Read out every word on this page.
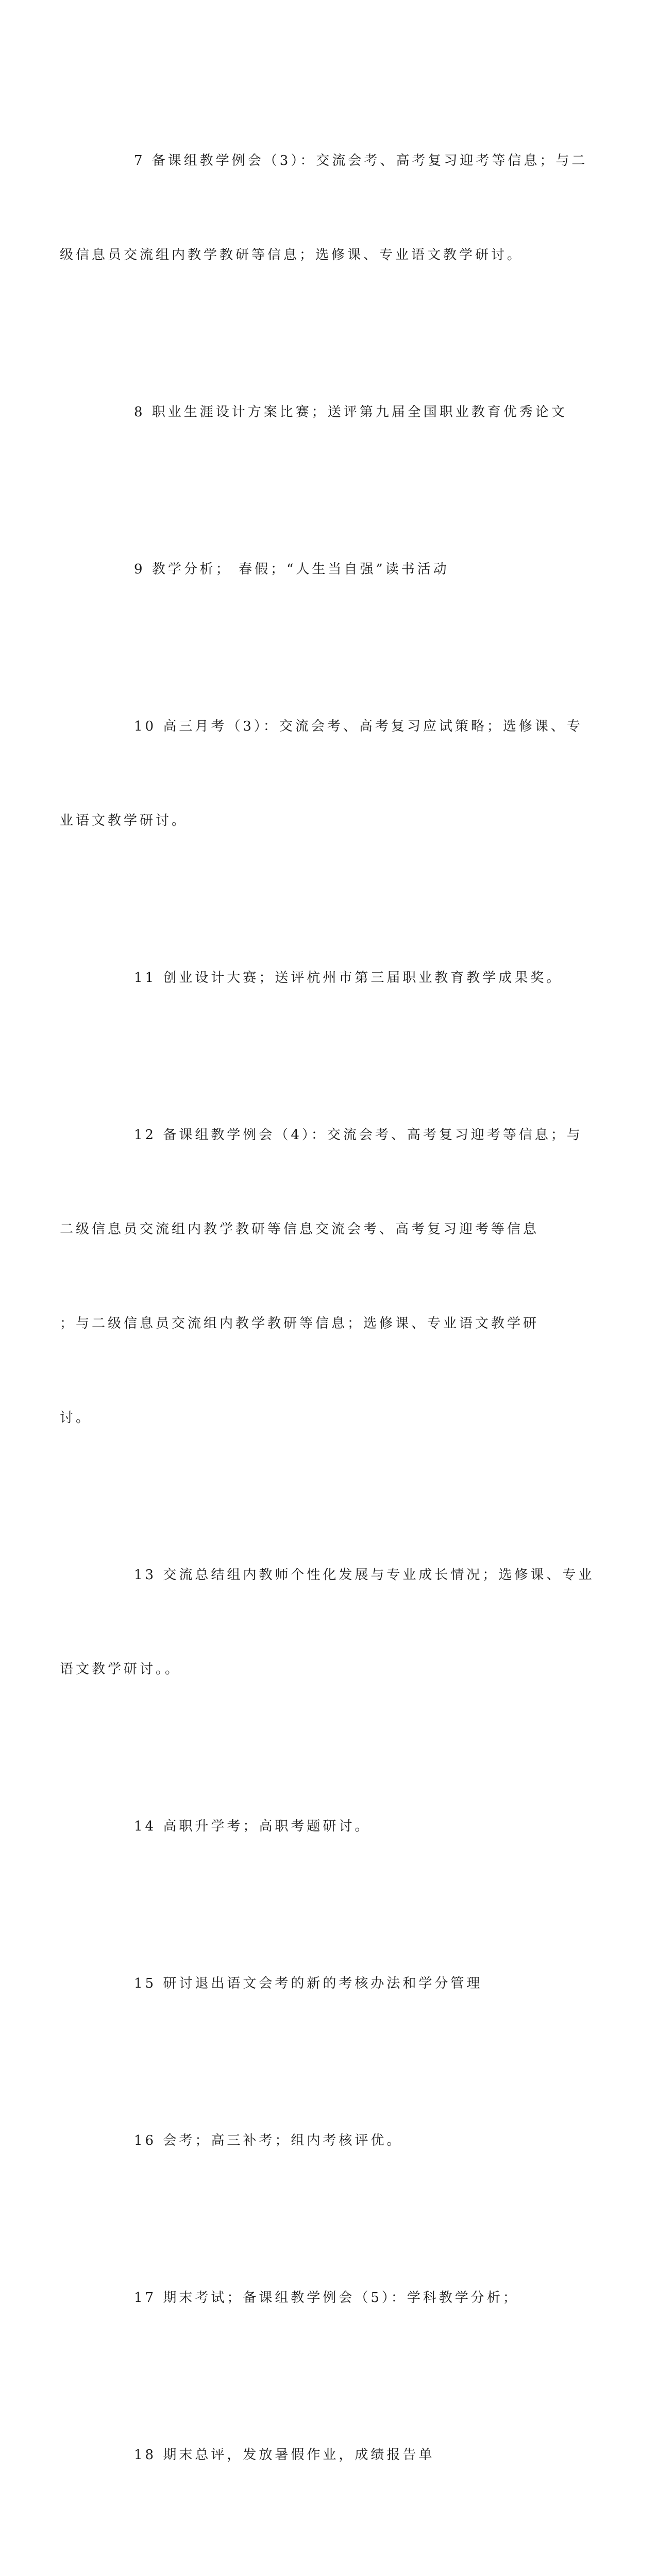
7 备课组教学例会（3）：交流会考、高考复习迎考等信息；与二

级信息员交流组内教学教研等信息；选修课、专业语文教学研讨。

8 职业生涯设计方案比赛；送评第九届全国职业教育优秀论文

9 教学分析； 春假；“人生当自强”读书活动

10 高三月考（3）：交流会考、高考复习应试策略；选修课、专

业语文教学研讨。

11 创业设计大赛；送评杭州市第三届职业教育教学成果奖。

12 备课组教学例会（4）：交流会考、高考复习迎考等信息；与

二级信息员交流组内教学教研等信息交流会考、高考复习迎考等信息

；与二级信息员交流组内教学教研等信息；选修课、专业语文教学研

讨。

13 交流总结组内教师个性化发展与专业成长情况；选修课、专业

语文教学研讨。。

14 高职升学考；高职考题研讨。

15 研讨退出语文会考的新的考核办法和学分管理

16 会考；高三补考；组内考核评优。

17 期末考试；备课组教学例会（5）：学科教学分析；

18 期末总评，发放暑假作业，成绩报告单
